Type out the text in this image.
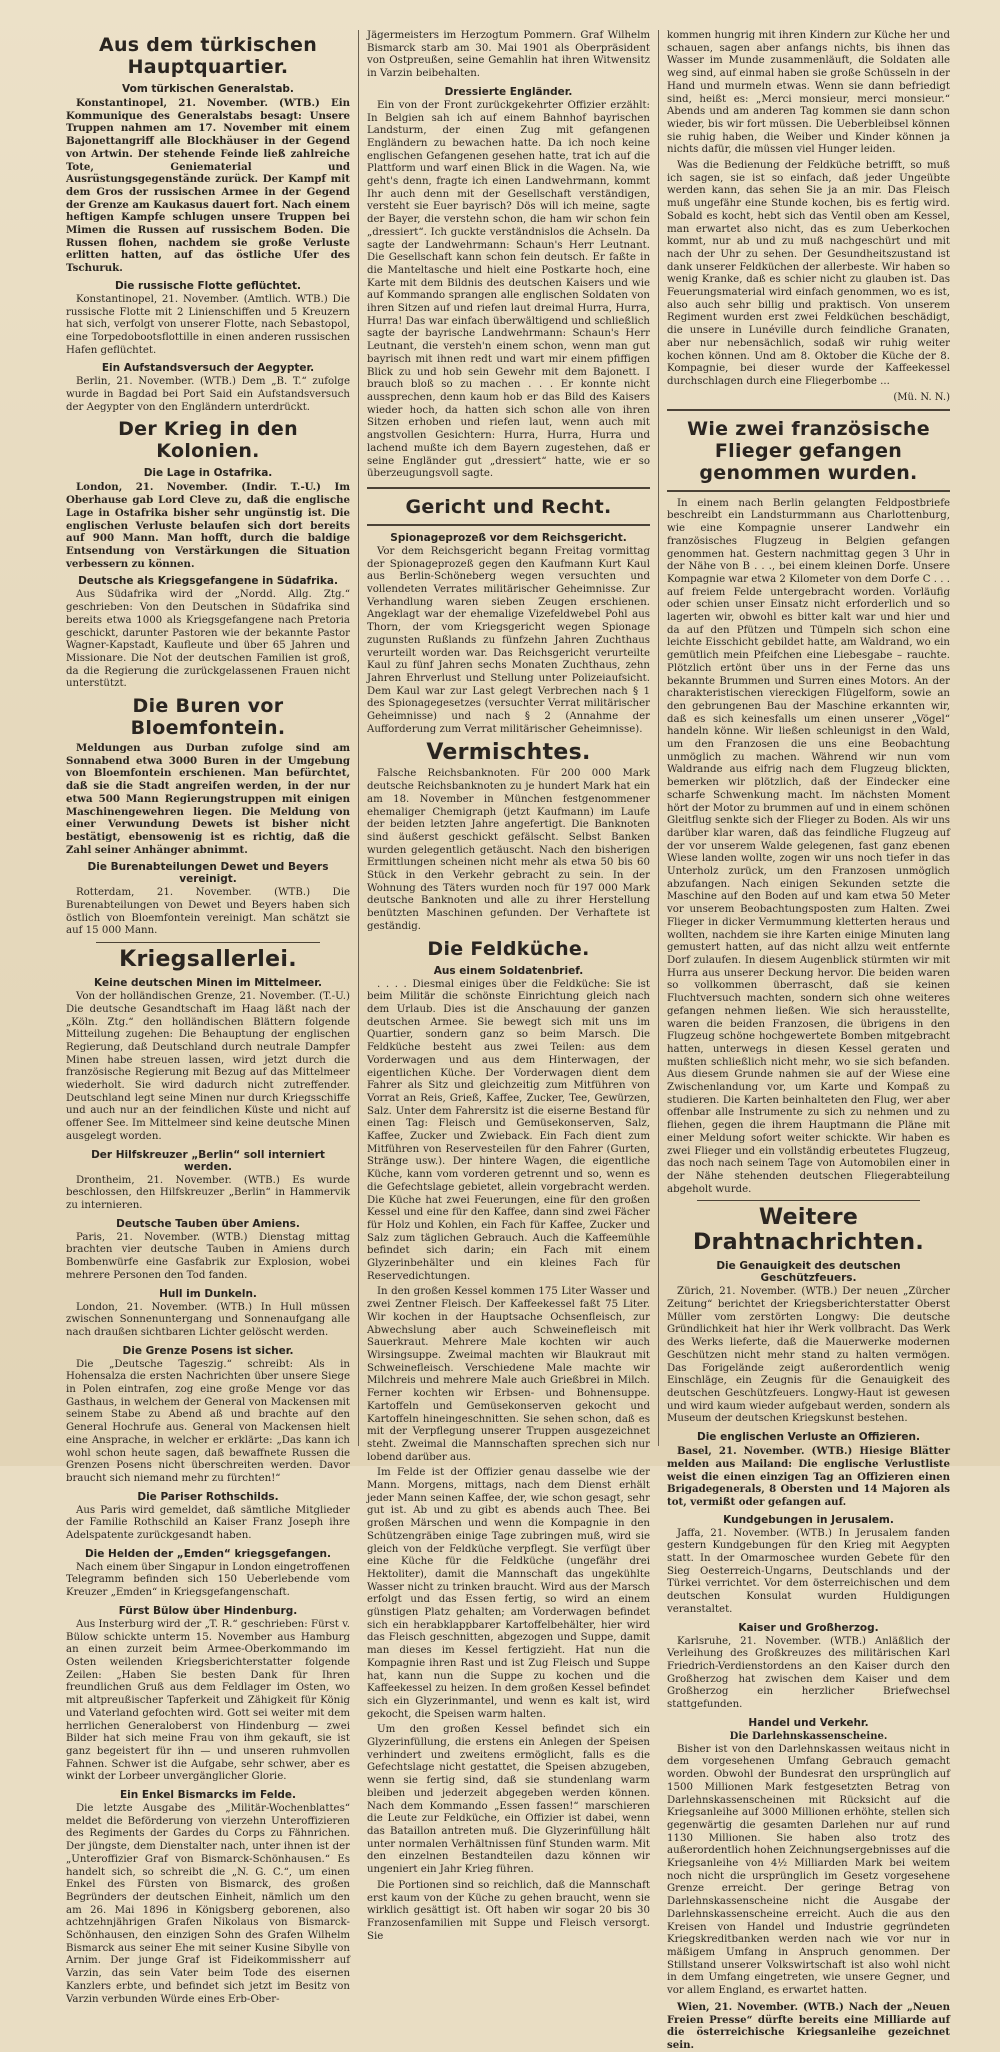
Aus dem türkischen Hauptquartier.
Vom türkischen Generalstab.
Konstantinopel, 21. November. (WTB.) Ein Kommunique des Generalstabs besagt: Unsere Truppen nahmen am 17. November mit einem Bajonettangriff alle Blockhäuser in der Gegend von Artwin. Der stehende Feinde ließ zahlreiche Tote, Geniematerial und Ausrüstungsgegenstände zurück. Der Kampf mit dem Gros der russischen Armee in der Gegend der Grenze am Kaukasus dauert fort. Nach einem heftigen Kampfe schlugen unsere Truppen bei Mimen die Russen auf russischem Boden. Die Russen flohen, nachdem sie große Verluste erlitten hatten, auf das östliche Ufer des Tschuruk.
Die russische Flotte geflüchtet.
Konstantinopel, 21. November. (Amtlich. WTB.) Die russische Flotte mit 2 Linienschiffen und 5 Kreuzern hat sich, verfolgt von unserer Flotte, nach Sebastopol, eine Torpedobootsflottille in einen anderen russischen Hafen geflüchtet.
Ein Aufstandsversuch der Aegypter.
Berlin, 21. November. (WTB.) Dem „B. T.“ zufolge wurde in Bagdad bei Port Said ein Aufstandsversuch der Aegypter von den Engländern unterdrückt.
Der Krieg in den Kolonien.
Die Lage in Ostafrika.
London, 21. November. (Indir. T.-U.) Im Oberhause gab Lord Cleve zu, daß die englische Lage in Ostafrika bisher sehr ungünstig ist. Die englischen Verluste belaufen sich dort bereits auf 900 Mann. Man hofft, durch die baldige Entsendung von Verstärkungen die Situation verbessern zu können.
Deutsche als Kriegsgefangene in Südafrika.
Aus Südafrika wird der „Nordd. Allg. Ztg.“ geschrieben: Von den Deutschen in Südafrika sind bereits etwa 1000 als Kriegsgefangene nach Pretoria geschickt, darunter Pastoren wie der bekannte Pastor Wagner-Kapstadt, Kaufleute und über 65 Jahren und Missionare. Die Not der deutschen Familien ist groß, da die Regierung die zurückgelassenen Frauen nicht unterstützt.
Die Buren vor Bloemfontein.
Meldungen aus Durban zufolge sind am Sonnabend etwa 3000 Buren in der Umgebung von Bloemfontein erschienen. Man befürchtet, daß sie die Stadt angreifen werden, in der nur etwa 500 Mann Regierungstruppen mit einigen Maschinengewehren liegen. Die Meldung von einer Verwundung Dewets ist bisher nicht bestätigt, ebensowenig ist es richtig, daß die Zahl seiner Anhänger abnimmt.
Die Burenabteilungen Dewet und Beyers vereinigt.
Rotterdam, 21. November. (WTB.) Die Burenabteilungen von Dewet und Beyers haben sich östlich von Bloemfontein vereinigt. Man schätzt sie auf 15 000 Mann.
Kriegsallerlei.
Keine deutschen Minen im Mittelmeer.
Von der holländischen Grenze, 21. November. (T.-U.) Die deutsche Gesandtschaft im Haag läßt nach der „Köln. Ztg.“ den holländischen Blättern folgende Mitteilung zugehen: Die Behauptung der englischen Regierung, daß Deutschland durch neutrale Dampfer Minen habe streuen lassen, wird jetzt durch die französische Regierung mit Bezug auf das Mittelmeer wiederholt. Sie wird dadurch nicht zutreffender. Deutschland legt seine Minen nur durch Kriegsschiffe und auch nur an der feindlichen Küste und nicht auf offener See. Im Mittelmeer sind keine deutsche Minen ausgelegt worden.
Der Hilfskreuzer „Berlin“ soll interniert werden.
Drontheim, 21. November. (WTB.) Es wurde beschlossen, den Hilfskreuzer „Berlin“ in Hammervik zu internieren.
Deutsche Tauben über Amiens.
Paris, 21. November. (WTB.) Dienstag mittag brachten vier deutsche Tauben in Amiens durch Bombenwürfe eine Gasfabrik zur Explosion, wobei mehrere Personen den Tod fanden.
Hull im Dunkeln.
London, 21. November. (WTB.) In Hull müssen zwischen Sonnenuntergang und Sonnenaufgang alle nach draußen sichtbaren Lichter gelöscht werden.
Die Grenze Posens ist sicher.
Die „Deutsche Tageszig.“ schreibt: Als in Hohensalza die ersten Nachrichten über unsere Siege in Polen eintrafen, zog eine große Menge vor das Gasthaus, in welchem der General von Mackensen mit seinem Stabe zu Abend aß und brachte auf den General Hochrufe aus. General von Mackensen hielt eine Ansprache, in welcher er erklärte: „Das kann ich wohl schon heute sagen, daß bewaffnete Russen die Grenzen Posens nicht überschreiten werden. Davor braucht sich niemand mehr zu fürchten!“
Die Pariser Rothschilds.
Aus Paris wird gemeldet, daß sämtliche Mitglieder der Familie Rothschild an Kaiser Franz Joseph ihre Adelspatente zurückgesandt haben.
Die Helden der „Emden“ kriegsgefangen.
Nach einem über Singapur in London eingetroffenen Telegramm befinden sich 150 Ueberlebende vom Kreuzer „Emden“ in Kriegsgefangenschaft.
Fürst Bülow über Hindenburg.
Aus Insterburg wird der „T. R.“ geschrieben: Fürst v. Bülow schickte unterm 15. November aus Hamburg an einen zurzeit beim Armee-Oberkommando im Osten weilenden Kriegsberichterstatter folgende Zeilen: „Haben Sie besten Dank für Ihren freundlichen Gruß aus dem Feldlager im Osten, wo mit altpreußischer Tapferkeit und Zähigkeit für König und Vaterland gefochten wird. Gott sei weiter mit dem herrlichen Generaloberst von Hindenburg — zwei Bilder hat sich meine Frau von ihm gekauft, sie ist ganz begeistert für ihn — und unseren ruhmvollen Fahnen. Schwer ist die Aufgabe, sehr schwer, aber es winkt der Lorbeer unvergänglicher Glorie.
Ein Enkel Bismarcks im Felde.
Die letzte Ausgabe des „Militär-Wochenblattes“ meldet die Beförderung von vierzehn Unteroffizieren des Regiments der Gardes du Corps zu Fähnrichen. Der jüngste, dem Dienstalter nach, unter ihnen ist der „Unteroffizier Graf von Bismarck-Schönhausen.“ Es handelt sich, so schreibt die „N. G. C.“, um einen Enkel des Fürsten von Bismarck, des großen Begründers der deutschen Einheit, nämlich um den am 26. Mai 1896 in Königsberg geborenen, also achtzehnjährigen Grafen Nikolaus von Bismarck-Schönhausen, den einzigen Sohn des Grafen Wilhelm Bismarck aus seiner Ehe mit seiner Kusine Sibylle von Arnim. Der junge Graf ist Fideikommissherr auf Varzin, das sein Vater beim Tode des eisernen Kanzlers erbte, und befindet sich jetzt im Besitz von Varzin verbunden Würde eines Erb-Ober-
Jägermeisters im Herzogtum Pommern. Graf Wilhelm Bismarck starb am 30. Mai 1901 als Oberpräsident von Ostpreußen, seine Gemahlin hat ihren Witwensitz in Varzin beibehalten.
Dressierte Engländer.
Ein von der Front zurückgekehrter Offizier erzählt: In Belgien sah ich auf einem Bahnhof bayrischen Landsturm, der einen Zug mit gefangenen Engländern zu bewachen hatte. Da ich noch keine englischen Gefangenen gesehen hatte, trat ich auf die Plattform und warf einen Blick in die Wagen. Na, wie geht's denn, fragte ich einen Landwehrmann, kommt Ihr auch denn mit der Gesellschaft verständigen, versteht sie Euer bayrisch? Dös will ich meine, sagte der Bayer, die verstehn schon, die ham wir schon fein „dressiert“. Ich guckte verständnislos die Achseln. Da sagte der Landwehrmann: Schaun's Herr Leutnant. Die Gesellschaft kann schon fein deutsch. Er faßte in die Manteltasche und hielt eine Postkarte hoch, eine Karte mit dem Bildnis des deutschen Kaisers und wie auf Kommando sprangen alle englischen Soldaten von ihren Sitzen auf und riefen laut dreimal Hurra, Hurra, Hurra! Das war einfach überwältigend und schließlich sagte der bayrische Landwehrmann: Schaun's Herr Leutnant, die versteh'n einem schon, wenn man gut bayrisch mit ihnen redt und wart mir einem pfiffigen Blick zu und hob sein Gewehr mit dem Bajonett. I brauch bloß so zu machen . . . Er konnte nicht aussprechen, denn kaum hob er das Bild des Kaisers wieder hoch, da hatten sich schon alle von ihren Sitzen erhoben und riefen laut, wenn auch mit angstvollen Gesichtern: Hurra, Hurra, Hurra und lachend mußte ich dem Bayern zugestehen, daß er seine Engländer gut „dressiert“ hatte, wie er so überzeugungsvoll sagte.
Gericht und Recht.
Spionageprozeß vor dem Reichsgericht.
Vor dem Reichsgericht begann Freitag vormittag der Spionageprozeß gegen den Kaufmann Kurt Kaul aus Berlin-Schöneberg wegen versuchten und vollendeten Verrates militärischer Geheimnisse. Zur Verhandlung waren sieben Zeugen erschienen. Angeklagt war der ehemalige Vizefeldwebel Pohl aus Thorn, der vom Kriegsgericht wegen Spionage zugunsten Rußlands zu fünfzehn Jahren Zuchthaus verurteilt worden war. Das Reichsgericht verurteilte Kaul zu fünf Jahren sechs Monaten Zuchthaus, zehn Jahren Ehrverlust und Stellung unter Polizeiaufsicht. Dem Kaul war zur Last gelegt Verbrechen nach § 1 des Spionagegesetzes (versuchter Verrat militärischer Geheimnisse) und nach § 2 (Annahme der Aufforderung zum Verrat militärischer Geheimnisse).
Vermischtes.
Falsche Reichsbanknoten. Für 200 000 Mark deutsche Reichsbanknoten zu je hundert Mark hat ein am 18. November in München festgenommener ehemaliger Chemigraph (jetzt Kaufmann) im Laufe der beiden letzten Jahre angefertigt. Die Banknoten sind äußerst geschickt gefälscht. Selbst Banken wurden gelegentlich getäuscht. Nach den bisherigen Ermittlungen scheinen nicht mehr als etwa 50 bis 60 Stück in den Verkehr gebracht zu sein. In der Wohnung des Täters wurden noch für 197 000 Mark deutsche Banknoten und alle zu ihrer Herstellung benützten Maschinen gefunden. Der Verhaftete ist geständig.
Die Feldküche.
Aus einem Soldatenbrief.
. . . . Diesmal einiges über die Feldküche: Sie ist beim Militär die schönste Einrichtung gleich nach dem Urlaub. Dies ist die Anschauung der ganzen deutschen Armee. Sie bewegt sich mit uns im Quartier, sondern ganz so beim Marsch. Die Feldküche besteht aus zwei Teilen: aus dem Vorderwagen und aus dem Hinterwagen, der eigentlichen Küche. Der Vorderwagen dient dem Fahrer als Sitz und gleichzeitig zum Mitführen von Vorrat an Reis, Grieß, Kaffee, Zucker, Tee, Gewürzen, Salz. Unter dem Fahrersitz ist die eiserne Bestand für einen Tag: Fleisch und Gemüsekonserven, Salz, Kaffee, Zucker und Zwieback. Ein Fach dient zum Mitführen von Reservesteilen für den Fahrer (Gurten, Stränge usw.). Der hintere Wagen, die eigentliche Küche, kann vom vorderen getrennt und so, wenn es die Gefechtslage gebietet, allein vorgebracht werden. Die Küche hat zwei Feuerungen, eine für den großen Kessel und eine für den Kaffee, dann sind zwei Fächer für Holz und Kohlen, ein Fach für Kaffee, Zucker und Salz zum täglichen Gebrauch. Auch die Kaffeemühle befindet sich darin; ein Fach mit einem Glyzerinbehälter und ein kleines Fach für Reservedichtungen.
In den großen Kessel kommen 175 Liter Wasser und zwei Zentner Fleisch. Der Kaffeekessel faßt 75 Liter. Wir kochen in der Hauptsache Ochsenfleisch, zur Abwechslung aber auch Schweinefleisch mit Sauerkraut. Mehrere Male kochten wir auch Wirsingsuppe. Zweimal machten wir Blaukraut mit Schweinefleisch. Verschiedene Male machte wir Milchreis und mehrere Male auch Grießbrei in Milch. Ferner kochten wir Erbsen- und Bohnensuppe. Kartoffeln und Gemüsekonserven gekocht und Kartoffeln hineingeschnitten. Sie sehen schon, daß es mit der Verpflegung unserer Truppen ausgezeichnet steht. Zweimal die Mannschaften sprechen sich nur lobend darüber aus.
Im Felde ist der Offizier genau dasselbe wie der Mann. Morgens, mittags, nach dem Dienst erhält jeder Mann seinen Kaffee, der, wie schon gesagt, sehr gut ist. Ab und zu gibt es abends auch Thee. Bei großen Märschen und wenn die Kompagnie in den Schützengräben einige Tage zubringen muß, wird sie gleich von der Feldküche verpflegt. Sie verfügt über eine Küche für die Feldküche (ungefähr drei Hektoliter), damit die Mannschaft das ungekühlte Wasser nicht zu trinken braucht. Wird aus der Marsch erfolgt und das Essen fertig, so wird an einem günstigen Platz gehalten; am Vorderwagen befindet sich ein herabklappbarer Kartoffelbehälter, hier wird das Fleisch geschnitten, abgezogen und Suppe, damit man dieses im Kessel fertigzieht. Hat nun die Kompagnie ihren Rast und ist Zug Fleisch und Suppe hat, kann nun die Suppe zu kochen und die Kaffeekessel zu heizen. In dem großen Kessel befindet sich ein Glyzerinmantel, und wenn es kalt ist, wird gekocht, die Speisen warm halten.
Um den großen Kessel befindet sich ein Glyzerinfüllung, die erstens ein Anlegen der Speisen verhindert und zweitens ermöglicht, falls es die Gefechtslage nicht gestattet, die Speisen abzugeben, wenn sie fertig sind, daß sie stundenlang warm bleiben und jederzeit abgegeben werden können. Nach dem Kommando „Essen fassen!“ marschieren die Leute zur Feldküche, ein Offizier ist dabei, wenn das Bataillon antreten muß. Die Glyzerinfüllung hält unter normalen Verhältnissen fünf Stunden warm. Mit den einzelnen Bestandteilen dazu können wir ungeniert ein Jahr Krieg führen.
Die Portionen sind so reichlich, daß die Mannschaft erst kaum von der Küche zu gehen braucht, wenn sie wirklich gesättigt ist. Oft haben wir sogar 20 bis 30 Franzosenfamilien mit Suppe und Fleisch versorgt. Sie
kommen hungrig mit ihren Kindern zur Küche her und schauen, sagen aber anfangs nichts, bis ihnen das Wasser im Munde zusammenläuft, die Soldaten alle weg sind, auf einmal haben sie große Schüsseln in der Hand und murmeln etwas. Wenn sie dann befriedigt sind, heißt es: „Merci monsieur, merci monsieur.“ Abends und am anderen Tag kommen sie dann schon wieder, bis wir fort müssen. Die Ueberbleibsel können sie ruhig haben, die Weiber und Kinder können ja nichts dafür, die müssen viel Hunger leiden.
Was die Bedienung der Feldküche betrifft, so muß ich sagen, sie ist so einfach, daß jeder Ungeübte werden kann, das sehen Sie ja an mir. Das Fleisch muß ungefähr eine Stunde kochen, bis es fertig wird. Sobald es kocht, hebt sich das Ventil oben am Kessel, man erwartet also nicht, das es zum Ueberkochen kommt, nur ab und zu muß nachgeschürt und mit nach der Uhr zu sehen. Der Gesundheitszustand ist dank unserer Feldküchen der allerbeste. Wir haben so wenig Kranke, daß es schier nicht zu glauben ist. Das Feuerungsmaterial wird einfach genommen, wo es ist, also auch sehr billig und praktisch. Von unserem Regiment wurden erst zwei Feldküchen beschädigt, die unsere in Lunéville durch feindliche Granaten, aber nur nebensächlich, sodaß wir ruhig weiter kochen können. Und am 8. Oktober die Küche der 8. Kompagnie, bei dieser wurde der Kaffeekessel durchschlagen durch eine Fliegerbombe ...
(Mü. N. N.)
Wie zwei französische Flieger gefangen genommen wurden.
In einem nach Berlin gelangten Feldpostbriefe beschreibt ein Landsturmmann aus Charlottenburg, wie eine Kompagnie unserer Landwehr ein französisches Flugzeug in Belgien gefangen genommen hat. Gestern nachmittag gegen 3 Uhr in der Nähe von B . . ., bei einem kleinen Dorfe. Unsere Kompagnie war etwa 2 Kilometer von dem Dorfe C . . . auf freiem Felde untergebracht worden. Vorläufig oder schien unser Einsatz nicht erforderlich und so lagerten wir, obwohl es bitter kalt war und hier und da auf den Pfützen und Tümpeln sich schon eine leichte Eisschicht gebildet hatte, am Waldrand, wo ein gemütlich mein Pfeifchen eine Liebesgabe – rauchte. Plötzlich ertönt über uns in der Ferne das uns bekannte Brummen und Surren eines Motors. An der charakteristischen viereckigen Flügelform, sowie an den gebrungenen Bau der Maschine erkannten wir, daß es sich keinesfalls um einen unserer „Vögel“ handeln könne. Wir ließen schleunigst in den Wald, um den Franzosen die uns eine Beobachtung unmöglich zu machen. Während wir nun vom Waldrande aus eifrig nach dem Flugzeug blickten, bemerken wir plötzlich, daß der Eindecker eine scharfe Schwenkung macht. Im nächsten Moment hört der Motor zu brummen auf und in einem schönen Gleitflug senkte sich der Flieger zu Boden. Als wir uns darüber klar waren, daß das feindliche Flugzeug auf der vor unserem Walde gelegenen, fast ganz ebenen Wiese landen wollte, zogen wir uns noch tiefer in das Unterholz zurück, um den Franzosen unmöglich abzufangen. Nach einigen Sekunden setzte die Maschine auf den Boden auf und kam etwa 50 Meter vor unserem Beobachtungsposten zum Halten. Zwei Flieger in dicker Vermummung kletterten heraus und wollten, nachdem sie ihre Karten einige Minuten lang gemustert hatten, auf das nicht allzu weit entfernte Dorf zulaufen. In diesem Augenblick stürmten wir mit Hurra aus unserer Deckung hervor. Die beiden waren so vollkommen überrascht, daß sie keinen Fluchtversuch machten, sondern sich ohne weiteres gefangen nehmen ließen. Wie sich herausstellte, waren die beiden Franzosen, die übrigens in den Flugzeug schöne hochgewertete Bomben mitgebracht hatten, unterwegs in diesen Kessel geraten und mußten schließlich nicht mehr, wo sie sich befanden. Aus diesem Grunde nahmen sie auf der Wiese eine Zwischenlandung vor, um Karte und Kompaß zu studieren. Die Karten beinhalteten den Flug, wer aber offenbar alle Instrumente zu sich zu nehmen und zu fliehen, gegen die ihrem Hauptmann die Pläne mit einer Meldung sofort weiter schickte. Wir haben es zwei Flieger und ein vollständig erbeutetes Flugzeug, das noch nach seinem Tage von Automobilen einer in der Nähe stehenden deutschen Fliegerabteilung abgeholt wurde.
Weitere Drahtnachrichten.
Die Genauigkeit des deutschen Geschützfeuers.
Zürich, 21. November. (WTB.) Der neuen „Zürcher Zeitung“ berichtet der Kriegsberichterstatter Oberst Müller vom zerstörten Longwy: Die deutsche Gründlichkeit hat hier ihr Werk vollbracht. Das Werk des Werks lieferte, daß die Mauerwerke modernen Geschützen nicht mehr stand zu halten vermögen. Das Forigelände zeigt außerordentlich wenig Einschläge, ein Zeugnis für die Genauigkeit des deutschen Geschützfeuers. Longwy-Haut ist gewesen und wird kaum wieder aufgebaut werden, sondern als Museum der deutschen Kriegskunst bestehen.
Die englischen Verluste an Offizieren.
Basel, 21. November. (WTB.) Hiesige Blätter melden aus Mailand: Die englische Verlustliste weist die einen einzigen Tag an Offizieren einen Brigadegenerals, 8 Obersten und 14 Majoren als tot, vermißt oder gefangen auf.
Kundgebungen in Jerusalem.
Jaffa, 21. November. (WTB.) In Jerusalem fanden gestern Kundgebungen für den Krieg mit Aegypten statt. In der Omarmoschee wurden Gebete für den Sieg Oesterreich-Ungarns, Deutschlands und der Türkei verrichtet. Vor dem österreichischen und dem deutschen Konsulat wurden Huldigungen veranstaltet.
Kaiser und Großherzog.
Karlsruhe, 21. November. (WTB.) Anläßlich der Verleihung des Großkreuzes des militärischen Karl Friedrich-Verdienstordens an den Kaiser durch den Großherzog hat zwischen dem Kaiser und dem Großherzog ein herzlicher Briefwechsel stattgefunden.
Handel und Verkehr.
Die Darlehnskassenscheine.
Bisher ist von den Darlehnskassen weitaus nicht in dem vorgesehenen Umfang Gebrauch gemacht worden. Obwohl der Bundesrat den ursprünglich auf 1500 Millionen Mark festgesetzten Betrag von Darlehnskassenscheinen mit Rücksicht auf die Kriegsanleihe auf 3000 Millionen erhöhte, stellen sich gegenwärtig die gesamten Darlehen nur auf rund 1130 Millionen. Sie haben also trotz des außerordentlich hohen Zeichnungsergebnisses auf die Kriegsanleihe von 4½ Milliarden Mark bei weitem noch nicht die ursprünglich im Gesetz vorgesehene Grenze erreicht. Der geringe Betrag von Darlehnskassenscheine nicht die Ausgabe der Darlehnskassenscheine erreicht. Auch die aus den Kreisen von Handel und Industrie gegründeten Kriegskreditbanken werden nach wie vor nur in mäßigem Umfang in Anspruch genommen. Der Stillstand unserer Volkswirtschaft ist also wohl nicht in dem Umfang eingetreten, wie unsere Gegner, und vor allem England, es erwartet hatten.
Wien, 21. November. (WTB.) Nach der „Neuen Freien Presse“ dürfte bereits eine Milliarde auf die österreichische Kriegsanleihe gezeichnet sein.
